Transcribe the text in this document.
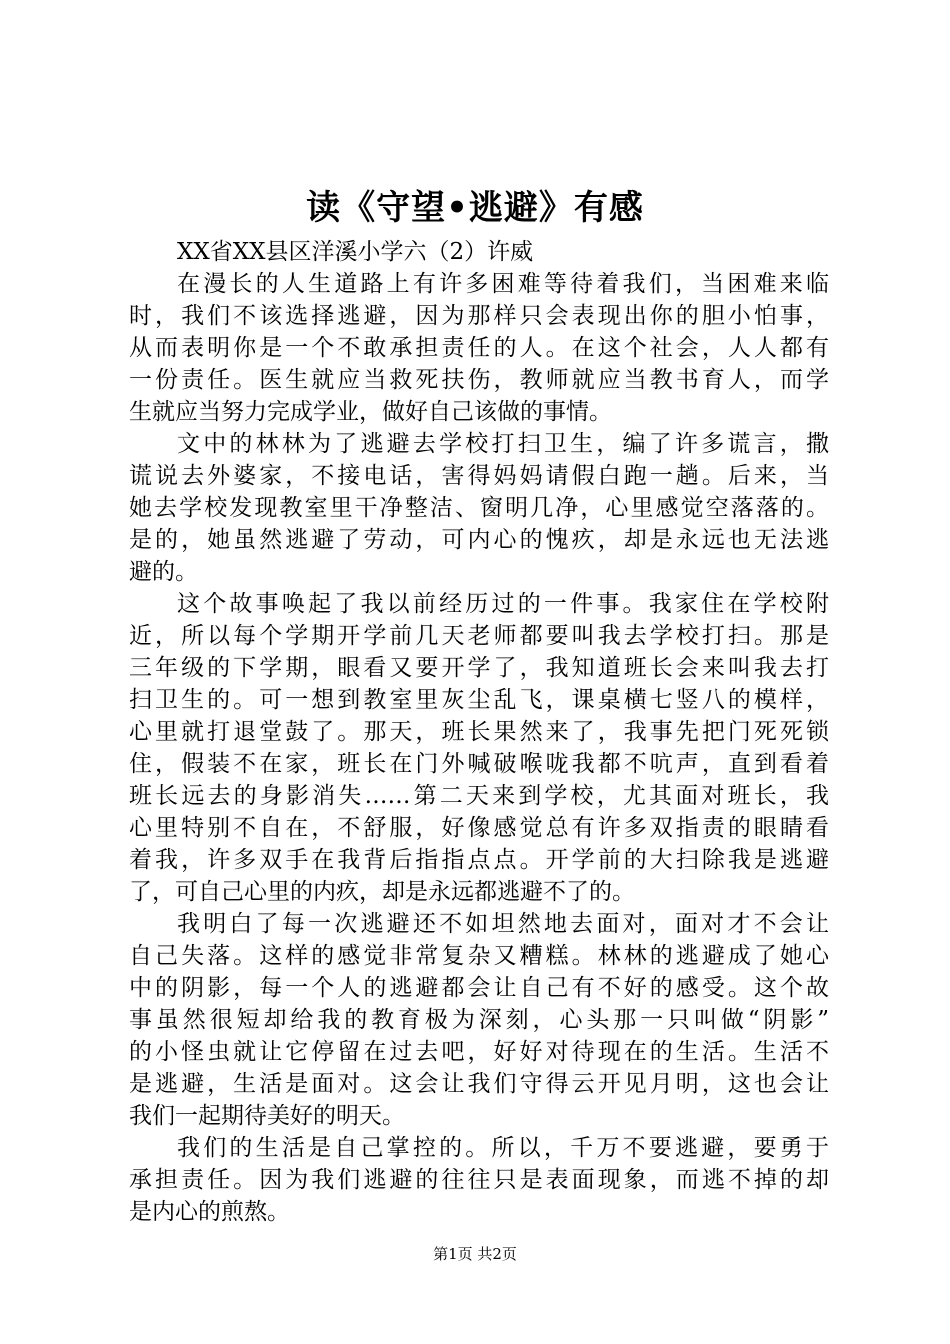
读《守望•逃避》有感
XX省XX县区洋溪小学六（2）许威
在漫长的人生道路上有许多困难等待着我们，当困难来临
时，我们不该选择逃避，因为那样只会表现出你的胆小怕事，
从而表明你是一个不敢承担责任的人。在这个社会，人人都有
一份责任。医生就应当救死扶伤，教师就应当教书育人，而学
生就应当努力完成学业，做好自己该做的事情。
文中的林林为了逃避去学校打扫卫生，编了许多谎言，撒
谎说去外婆家，不接电话，害得妈妈请假白跑一趟。后来，当
她去学校发现教室里干净整洁、窗明几净，心里感觉空落落的。
是的，她虽然逃避了劳动，可内心的愧疚，却是永远也无法逃
避的。
这个故事唤起了我以前经历过的一件事。我家住在学校附
近，所以每个学期开学前几天老师都要叫我去学校打扫。那是
三年级的下学期，眼看又要开学了，我知道班长会来叫我去打
扫卫生的。可一想到教室里灰尘乱飞，课桌横七竖八的模样，
心里就打退堂鼓了。那天，班长果然来了，我事先把门死死锁
住，假装不在家，班长在门外喊破喉咙我都不吭声，直到看着
班长远去的身影消失……第二天来到学校，尤其面对班长，我
心里特别不自在，不舒服，好像感觉总有许多双指责的眼睛看
着我，许多双手在我背后指指点点。开学前的大扫除我是逃避
了，可自己心里的内疚，却是永远都逃避不了的。
我明白了每一次逃避还不如坦然地去面对，面对才不会让
自己失落。这样的感觉非常复杂又糟糕。林林的逃避成了她心
中的阴影，每一个人的逃避都会让自己有不好的感受。这个故
事虽然很短却给我的教育极为深刻，心头那一只叫做“阴影”
的小怪虫就让它停留在过去吧，好好对待现在的生活。生活不
是逃避，生活是面对。这会让我们守得云开见月明，这也会让
我们一起期待美好的明天。
我们的生活是自己掌控的。所以，千万不要逃避，要勇于
承担责任。因为我们逃避的往往只是表面现象，而逃不掉的却
是内心的煎熬。
第1页 共2页
